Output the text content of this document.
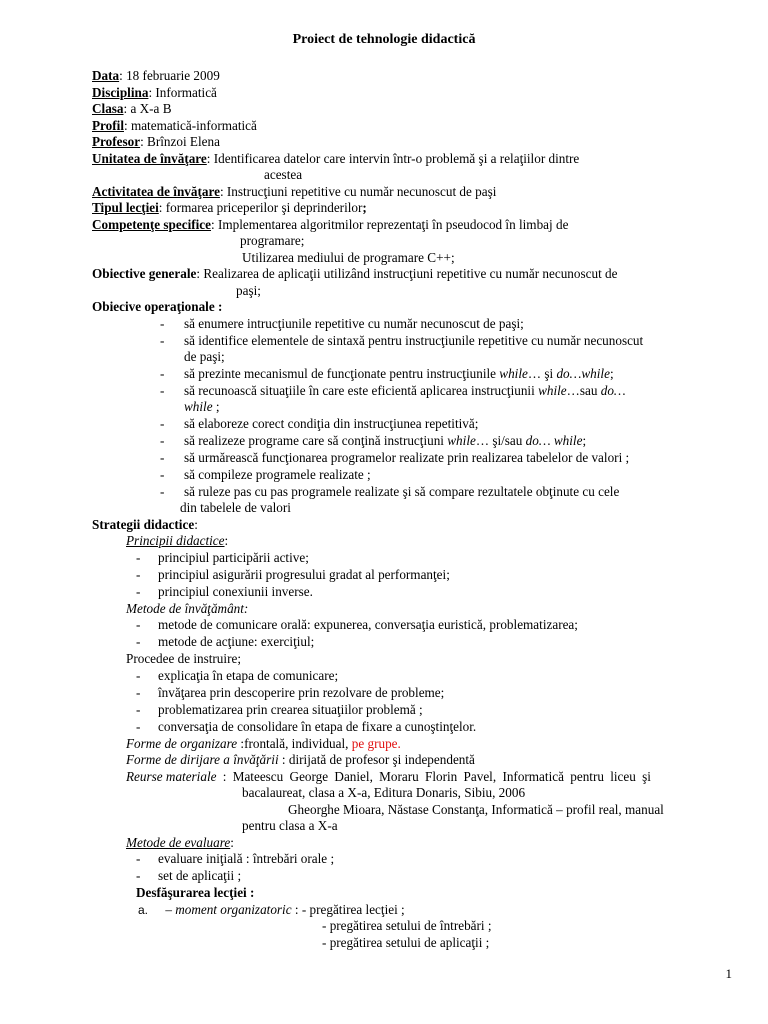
Proiect de tehnologie didactică
Data: 18 februarie 2009
Disciplina: Informatică
Clasa: a X-a B
Profil: matematică-informatică
Profesor: Brînzoi Elena
Unitatea de învăţare: Identificarea datelor care intervin într-o problemă şi a relaţiilor dintre
acestea
Activitatea de învăţare: Instrucţiuni repetitive cu număr necunoscut de paşi
Tipul lecţiei: formarea priceperilor şi deprinderilor;
Competenţe specifice: Implementarea algoritmilor reprezentaţi în pseudocod în limbaj de
programare;
Utilizarea mediului de programare C++;
Obiective generale: Realizarea de aplicaţii utilizând instrucţiuni repetitive cu număr necunoscut de
paşi;
Obiecive operaţionale :
- să enumere intrucţiunile repetitive cu număr necunoscut de paşi;
- să identifice elementele de sintaxă pentru instrucţiunile repetitive cu număr necunoscut
de paşi;
- să prezinte mecanismul de funcţionate pentru instrucţiunile while… şi do…while;
- să recunoască situaţiile în care este eficientă aplicarea instrucţiunii while…sau do…
while ;
- să elaboreze corect condiţia din instrucţiunea repetitivă;
- să realizeze programe care să conţină instrucţiuni while… şi/sau do… while;
- să urmărească funcţionarea programelor realizate prin realizarea tabelelor de valori ;
- să compileze programele realizate ;
- să ruleze pas cu pas programele realizate şi să compare rezultatele obţinute cu cele
din tabelele de valori
Strategii didactice:
Principii didactice:
- principiul participării active;
- principiul asigurării progresului gradat al performanţei;
- principiul conexiunii inverse.
Metode de învăţământ:
- metode de comunicare orală: expunerea, conversaţia euristică, problematizarea;
- metode de acţiune: exerciţiul;
Procedee de instruire;
- explicaţia în etapa de comunicare;
- învăţarea prin descoperire prin rezolvare de probleme;
- problematizarea prin crearea situaţiilor problemă ;
- conversaţia de consolidare în etapa de fixare a cunoştinţelor.
Forme de organizare :frontală, individual, pe grupe.
Forme de dirijare a învăţării : dirijată de profesor şi independentă
Reurse materiale : Mateescu George Daniel, Moraru Florin Pavel, Informatică pentru liceu şi
bacalaureat, clasa a X-a, Editura Donaris, Sibiu, 2006
Gheorghe Mioara, Năstase Constanţa, Informatică – profil real, manual
pentru clasa a X-a
Metode de evaluare:
- evaluare iniţială : întrebări orale ;
- set de aplicaţii ;
Desfăşurarea lecţiei :
a. – moment organizatoric : - pregătirea lecţiei ;
- pregătirea setului de întrebări ;
- pregătirea setului de aplicaţii ;
1
